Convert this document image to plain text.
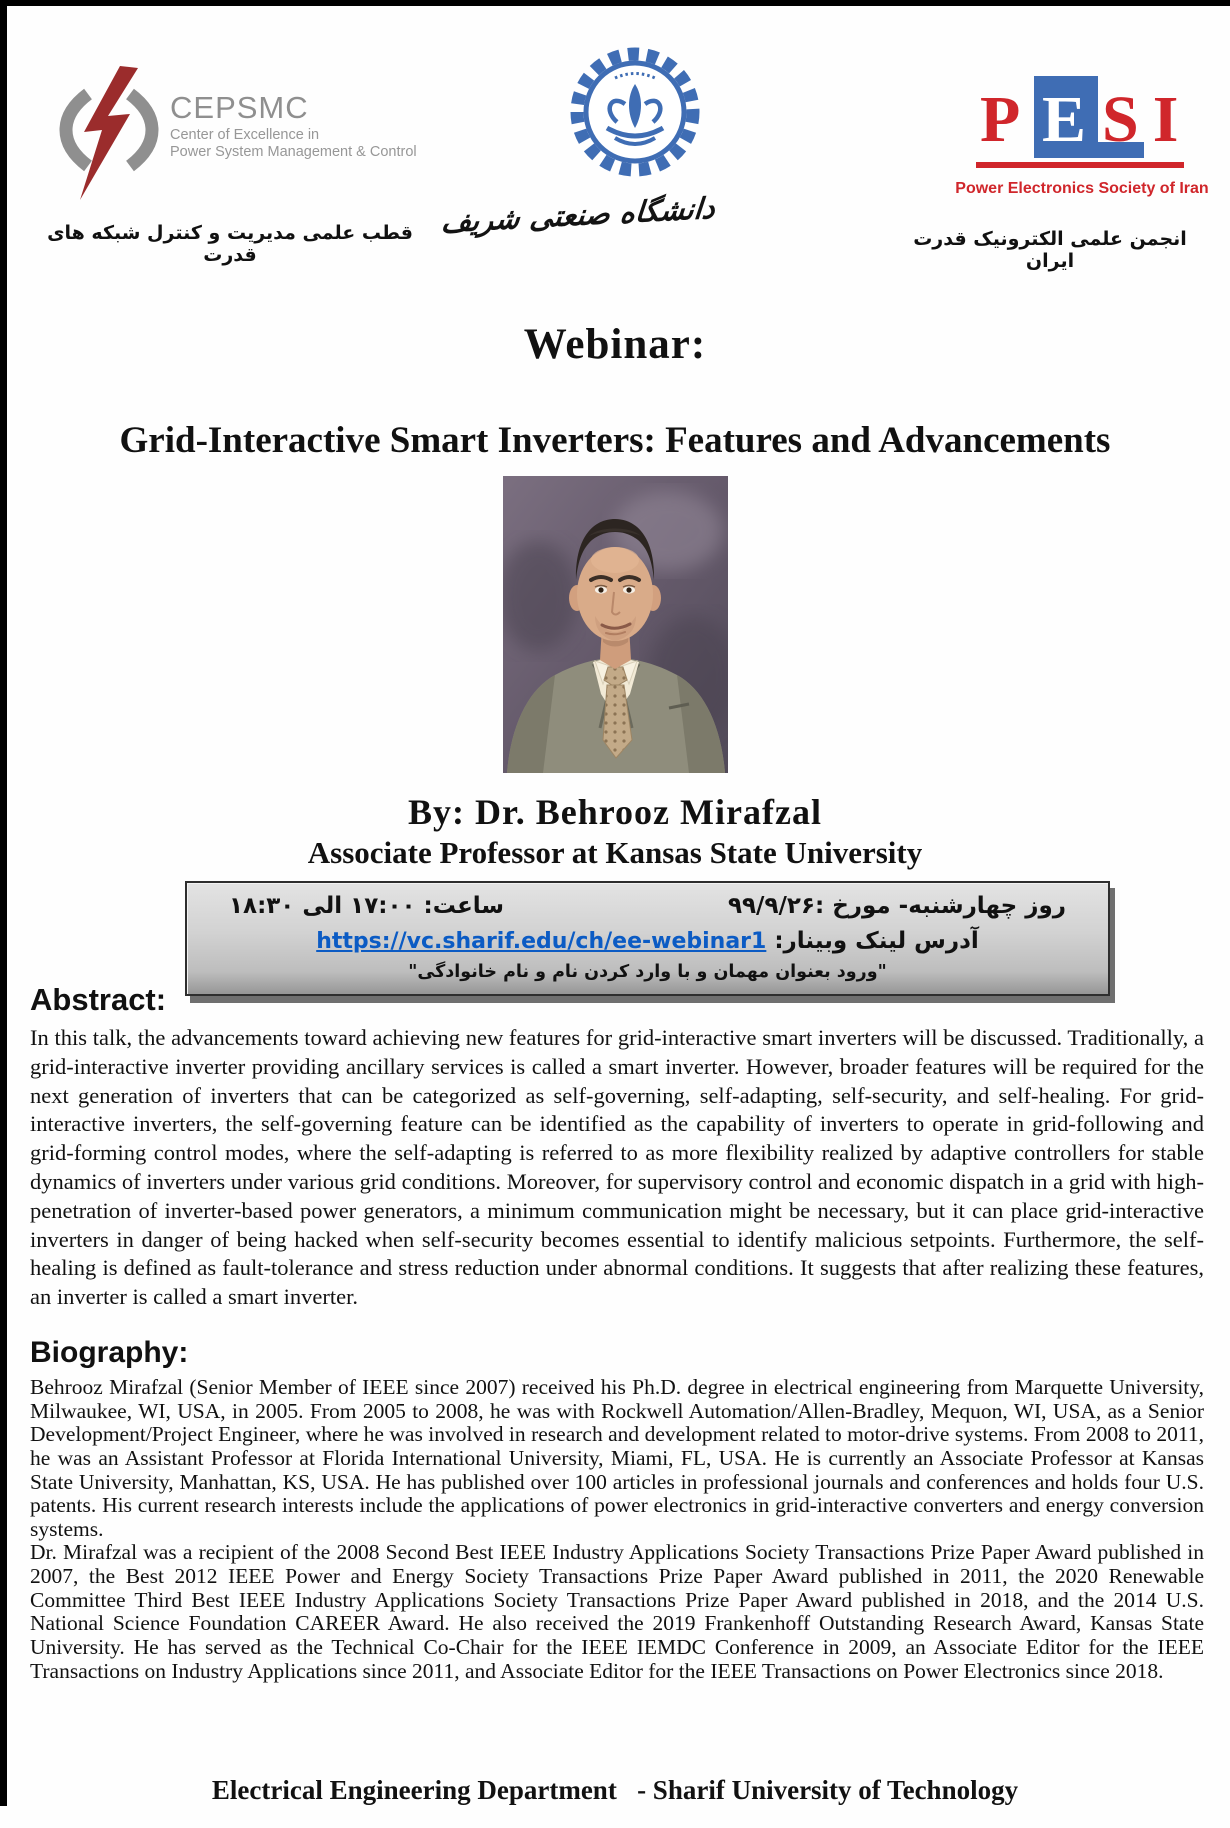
CEPSMC
Center of Excellence in
Power System Management & Control
قطب علمی مدیریت و کنترل شبکه های قدرت
دانشگاه صنعتی شریف
P E SI
Power Electronics Society of Iran
انجمن علمی الکترونیک قدرت ایران
Webinar:
Grid-Interactive Smart Inverters: Features and Advancements
By: Dr. Behrooz Mirafzal
Associate Professor at Kansas State University
روز چهارشنبه- مورخ :۹۹/۹/۲۶
ساعت: ۱۷:۰۰ الی ۱۸:۳۰
آدرس لینک وبینار: https://vc.sharif.edu/ch/ee-webinar1
"ورود بعنوان مهمان و با وارد کردن نام و نام خانوادگی"
Abstract:
In this talk, the advancements toward achieving new features for grid-interactive smart inverters will be discussed. Traditionally, a grid-interactive inverter providing ancillary services is called a smart inverter. However, broader features will be required for the next generation of inverters that can be categorized as self-governing, self-adapting, self-security, and self-healing. For grid-interactive inverters, the self-governing feature can be identified as the capability of inverters to operate in grid-following and grid-forming control modes, where the self-adapting is referred to as more flexibility realized by adaptive controllers for stable dynamics of inverters under various grid conditions. Moreover, for supervisory control and economic dispatch in a grid with high-penetration of inverter-based power generators, a minimum communication might be necessary, but it can place grid-interactive inverters in danger of being hacked when self-security becomes essential to identify malicious setpoints. Furthermore, the self-healing is defined as fault-tolerance and stress reduction under abnormal conditions. It suggests that after realizing these features, an inverter is called a smart inverter.
Biography:

Behrooz Mirafzal (Senior Member of IEEE since 2007) received his Ph.D. degree in electrical engineering from Marquette University, Milwaukee, WI, USA, in 2005. From 2005 to 2008, he was with Rockwell Automation/Allen-Bradley, Mequon, WI, USA, as a Senior Development/Project Engineer, where he was involved in research and development related to motor-drive systems. From 2008 to 2011, he was an Assistant Professor at Florida International University, Miami, FL, USA. He is currently an Associate Professor at Kansas State University, Manhattan, KS, USA. He has published over 100 articles in professional journals and conferences and holds four U.S. patents. His current research interests include the applications of power electronics in grid-interactive converters and energy conversion systems.

Dr. Mirafzal was a recipient of the 2008 Second Best IEEE Industry Applications Society Transactions Prize Paper Award published in 2007, the Best 2012 IEEE Power and Energy Society Transactions Prize Paper Award published in 2011, the 2020 Renewable Committee Third Best IEEE Industry Applications Society Transactions Prize Paper Award published in 2018, and the 2014 U.S. National Science Foundation CAREER Award. He also received the 2019 Frankenhoff Outstanding Research Award, Kansas State University. He has served as the Technical Co-Chair for the IEEE IEMDC Conference in 2009, an Associate Editor for the IEEE Transactions on Industry Applications since 2011, and Associate Editor for the IEEE Transactions on Power Electronics since 2018.

Electrical Engineering Department   - Sharif University of Technology
